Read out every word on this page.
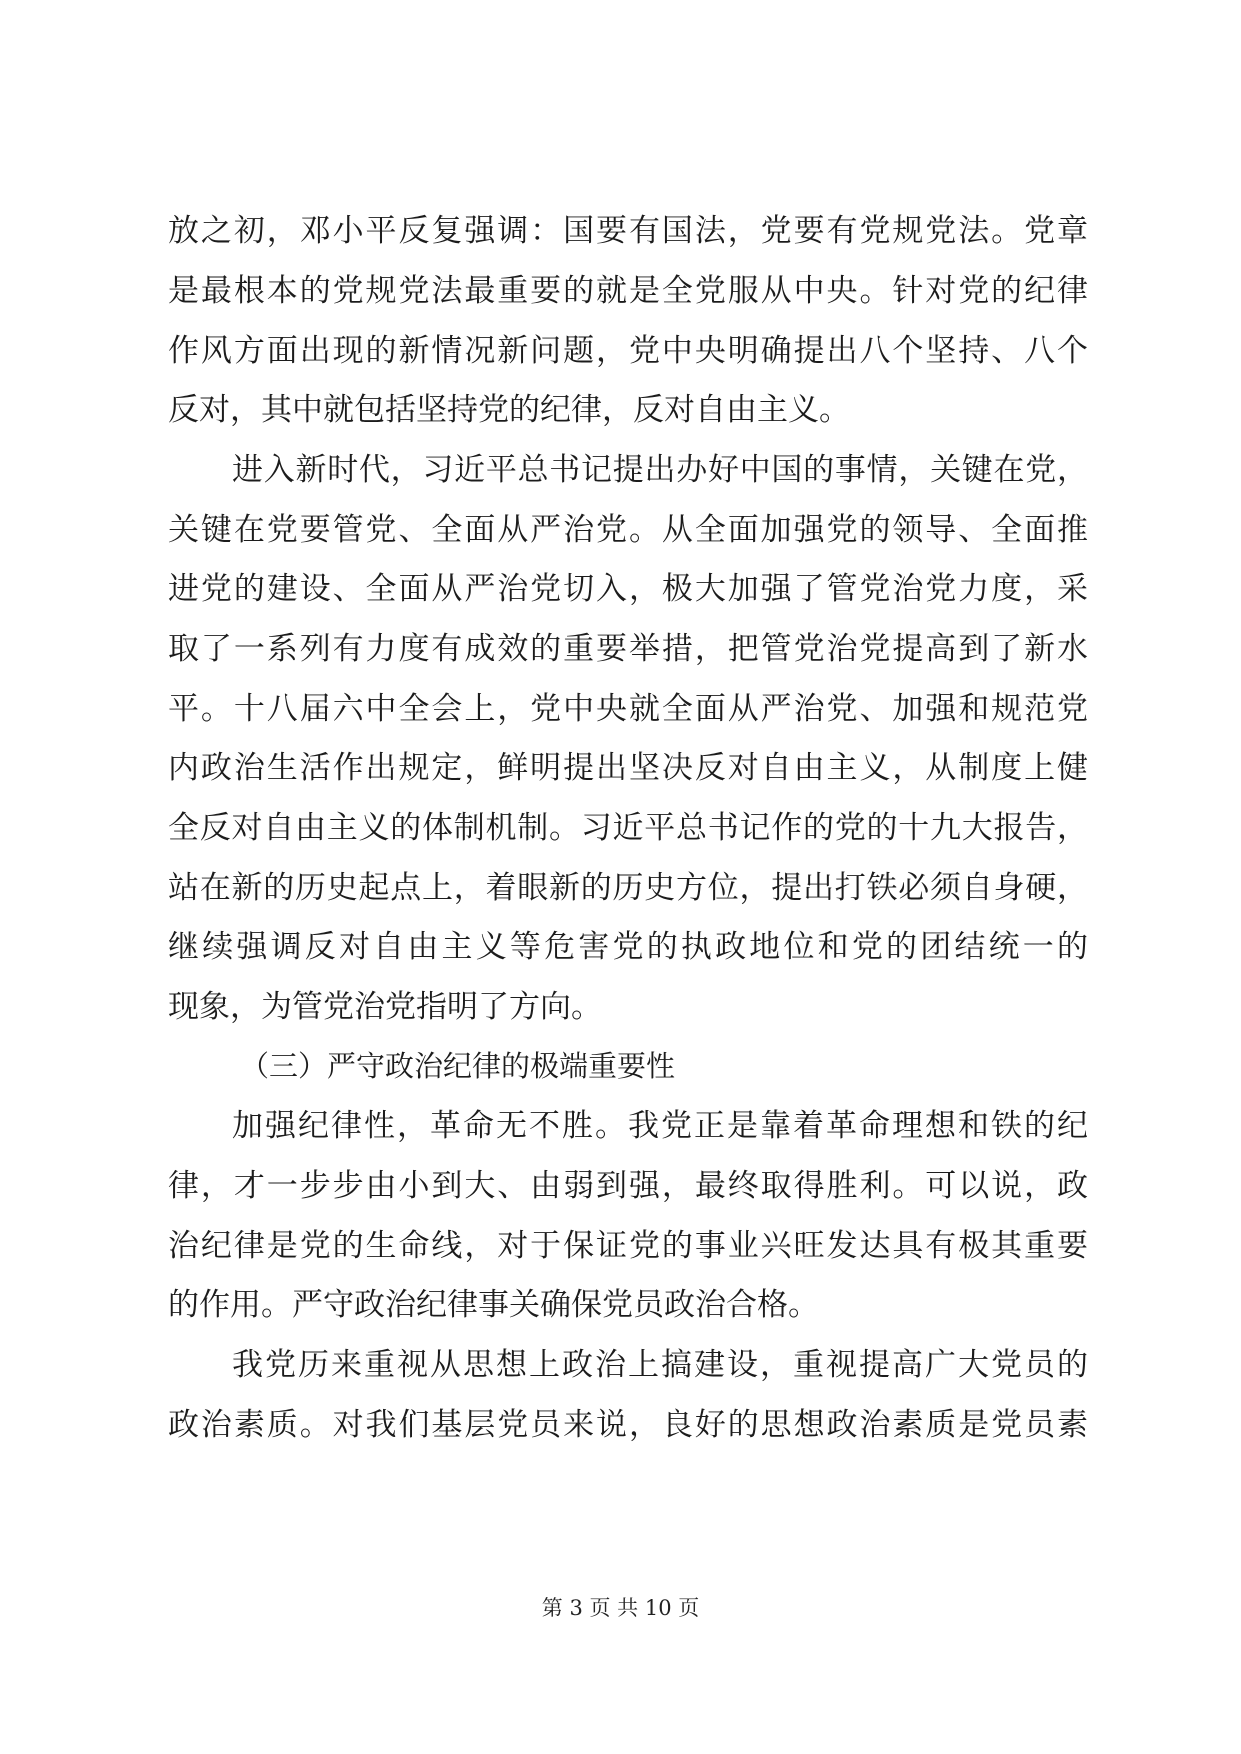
放之初，邓小平反复强调：国要有国法，党要有党规党法。党章
是最根本的党规党法最重要的就是全党服从中央。针对党的纪律
作风方面出现的新情况新问题，党中央明确提出八个坚持、八个
反对，其中就包括坚持党的纪律，反对自由主义。
进入新时代，习近平总书记提出办好中国的事情，关键在党，
关键在党要管党、全面从严治党。从全面加强党的领导、全面推
进党的建设、全面从严治党切入，极大加强了管党治党力度，采
取了一系列有力度有成效的重要举措，把管党治党提高到了新水
平。十八届六中全会上，党中央就全面从严治党、加强和规范党
内政治生活作出规定，鲜明提出坚决反对自由主义，从制度上健
全反对自由主义的体制机制。习近平总书记作的党的十九大报告，
站在新的历史起点上，着眼新的历史方位，提出打铁必须自身硬，
继续强调反对自由主义等危害党的执政地位和党的团结统一的
现象，为管党治党指明了方向。
（三）严守政治纪律的极端重要性
加强纪律性，革命无不胜。我党正是靠着革命理想和铁的纪
律，才一步步由小到大、由弱到强，最终取得胜利。可以说，政
治纪律是党的生命线，对于保证党的事业兴旺发达具有极其重要
的作用。严守政治纪律事关确保党员政治合格。
我党历来重视从思想上政治上搞建设，重视提高广大党员的
政治素质。对我们基层党员来说，良好的思想政治素质是党员素
第 3 页 共 10 页
